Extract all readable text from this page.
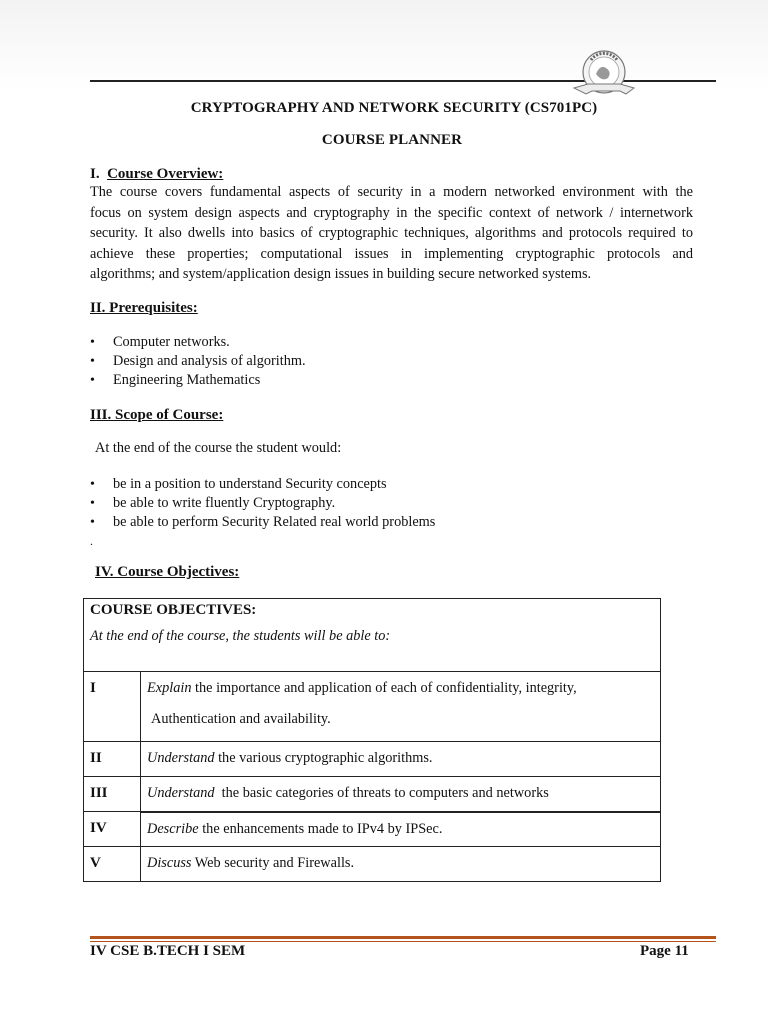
CRYPTOGRAPHY AND NETWORK SECURITY (CS701PC)
COURSE PLANNER
I. Course Overview:
The course covers fundamental aspects of security in a modern networked environment with the
focus on system design aspects and cryptography in the specific context of network / internetwork
security. It also dwells into basics of cryptographic techniques, algorithms and protocols required to
achieve these properties; computational issues in implementing cryptographic protocols and
algorithms; and system/application design issues in building secure networked systems.
II. Prerequisites:
• Computer networks.
• Design and analysis of algorithm.
• Engineering Mathematics
III. Scope of Course:
At the end of the course the student would:
• be in a position to understand Security concepts
• be able to write fluently Cryptography.
• be able to perform Security Related real world problems
.
IV. Course Objectives:
COURSE OBJECTIVES:
At the end of the course, the students will be able to:	

I	Explain the importance and application of each of confidentiality, integrity,
Authentication and availability.

II	Understand the various cryptographic algorithms.
III	Understand  the basic categories of threats to computers and networks
IV	Describe the enhancements made to IPv4 by IPSec.
V	Discuss Web security and Firewalls.
IV CSE B.TECH I SEM	Page 11
